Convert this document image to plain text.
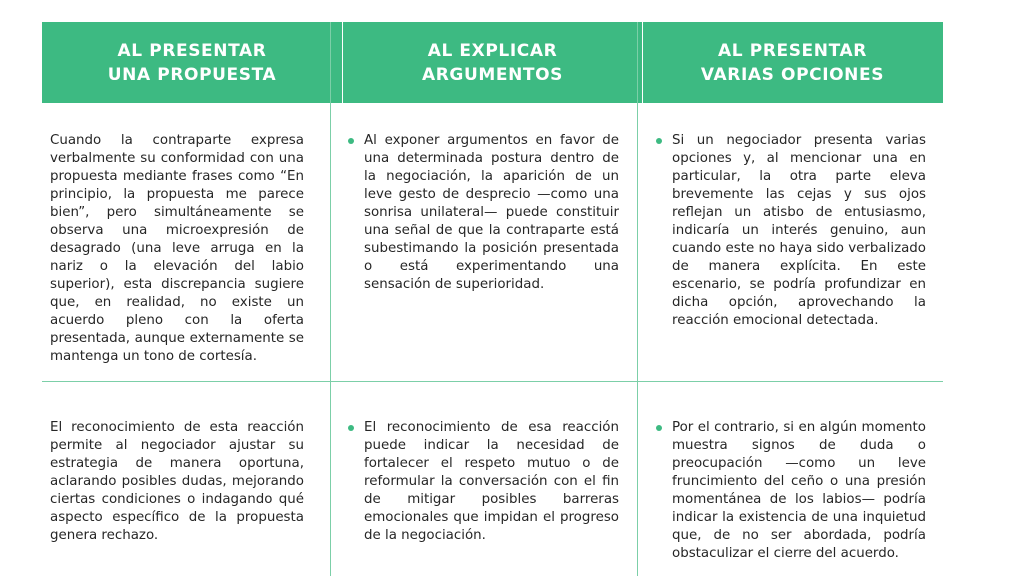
AL PRESENTAR
UNA PROPUESTA
AL EXPLICAR
ARGUMENTOS
AL PRESENTAR
VARIAS OPCIONES
Cuando la contraparte expresa verbalmente su conformidad con una propuesta mediante frases como “En principio, la propuesta me parece bien”, pero simultáneamente se observa una microexpresión de desagrado (una leve arruga en la nariz o la elevación del labio superior), esta discrepancia sugiere que, en realidad, no existe un acuerdo pleno con la oferta presentada, aunque externamente se mantenga un tono de cortesía.
Al exponer argumentos en favor de una determinada postura dentro de la negociación, la aparición de un leve gesto de desprecio —como una sonrisa unilateral— puede constituir una señal de que la contraparte está subestimando la posición presentada o está experimentando una sensación de superioridad.
Si un negociador presenta varias opciones y, al mencionar una en particular, la otra parte eleva brevemente las cejas y sus ojos reflejan un atisbo de entusiasmo, indicaría un interés genuino, aun cuando este no haya sido verbalizado de manera explícita. En este escenario, se podría profundizar en dicha opción, aprovechando la reacción emocional detectada.
El reconocimiento de esta reacción permite al negociador ajustar su estrategia de manera oportuna, aclarando posibles dudas, mejorando ciertas condiciones o indagando qué aspecto específico de la propuesta genera rechazo.
El reconocimiento de esa reacción puede indicar la necesidad de fortalecer el respeto mutuo o de reformular la conversación con el fin de mitigar posibles barreras emocionales que impidan el progreso de la negociación.
Por el contrario, si en algún momento muestra signos de duda o preocupación —como un leve fruncimiento del ceño o una presión momentánea de los labios— podría indicar la existencia de una inquietud que, de no ser abordada, podría obstaculizar el cierre del acuerdo.
